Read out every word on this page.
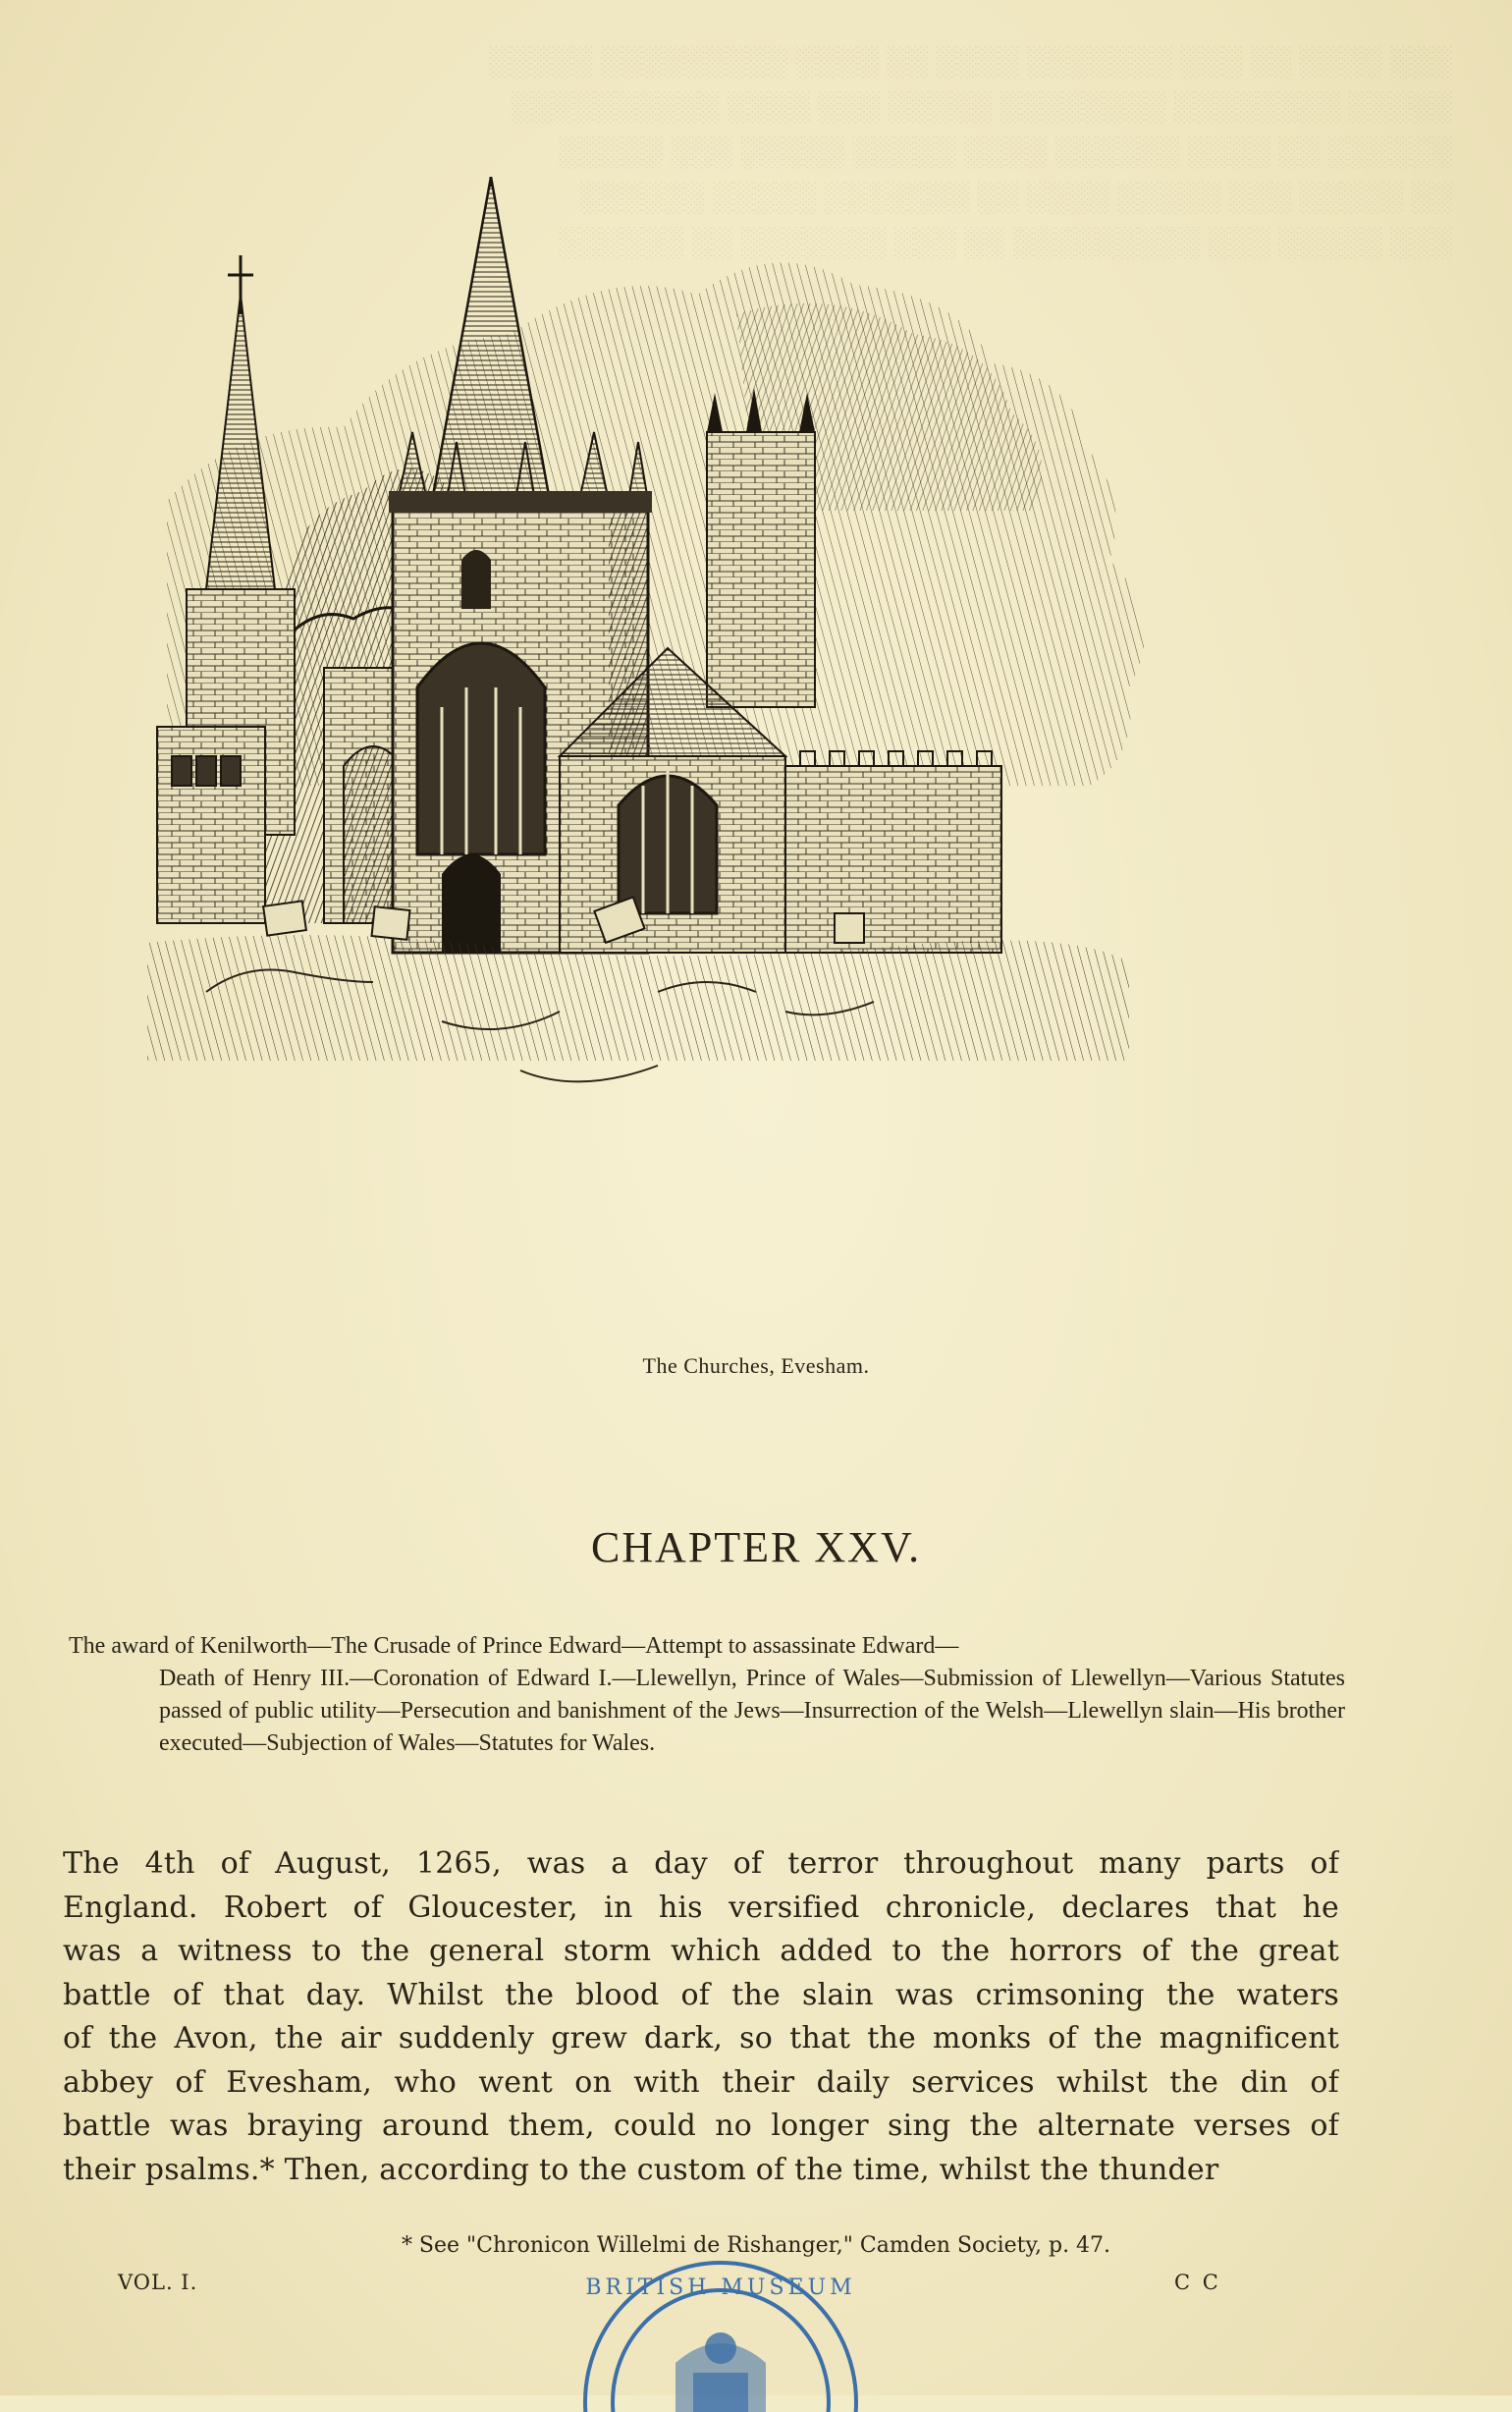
░░░ ░░░░ ░░ ░░░ ░░░░░░░ ░░░░ ░░ ░░░░ ░░░░░░░░░ ░░░░░
░░░░░ ░░░░░░░░ ░░░░░░░░ ░░░░░ ░░░ ░░░░ ░░░░░░░░░░
░░░░░░ ░░ ░░░░ ░░░░░░ ░░░░ ░░░░░ ░░░░░ ░░░ ░░░░░
░░ ░░░░░ ░░░ ░░░░░ ░░░░ ░░ ░░░░░░░ ░░░░░ ░░░░░░
░░░ ░░░░░ ░░░ ░░░░░░░░░ ░░ ░░░ ░░░░░░░ ░░ ░░░░░░
The Churches, Evesham.
CHAPTER XXV.
The award of Kenilworth—The Crusade of Prince Edward—Attempt to assassinate Edward—
Death of Henry III.—Coronation of Edward I.—Llewellyn, Prince of Wales—Submission of Llewellyn—Various Statutes passed of public utility—Persecution and banishment of the Jews—Insurrection of the Welsh—Llewellyn slain—His brother executed—Subjection of Wales—Statutes for Wales.
The 4th of August, 1265, was a day of terror throughout many parts of
England. Robert of Gloucester, in his versified chronicle, declares that he
was a witness to the general storm which added to the horrors of the great
battle of that day. Whilst the blood of the slain was crimsoning the waters
of the Avon, the air suddenly grew dark, so that the monks of the magnificent
abbey of Evesham, who went on with their daily services whilst the din of
battle was braying around them, could no longer sing the alternate verses of
their psalms.* Then, according to the custom of the time, whilst the thunder
* See "Chronicon Willelmi de Rishanger," Camden Society, p. 47.
VOL. I.	C C
BRITISH MUSEUM
